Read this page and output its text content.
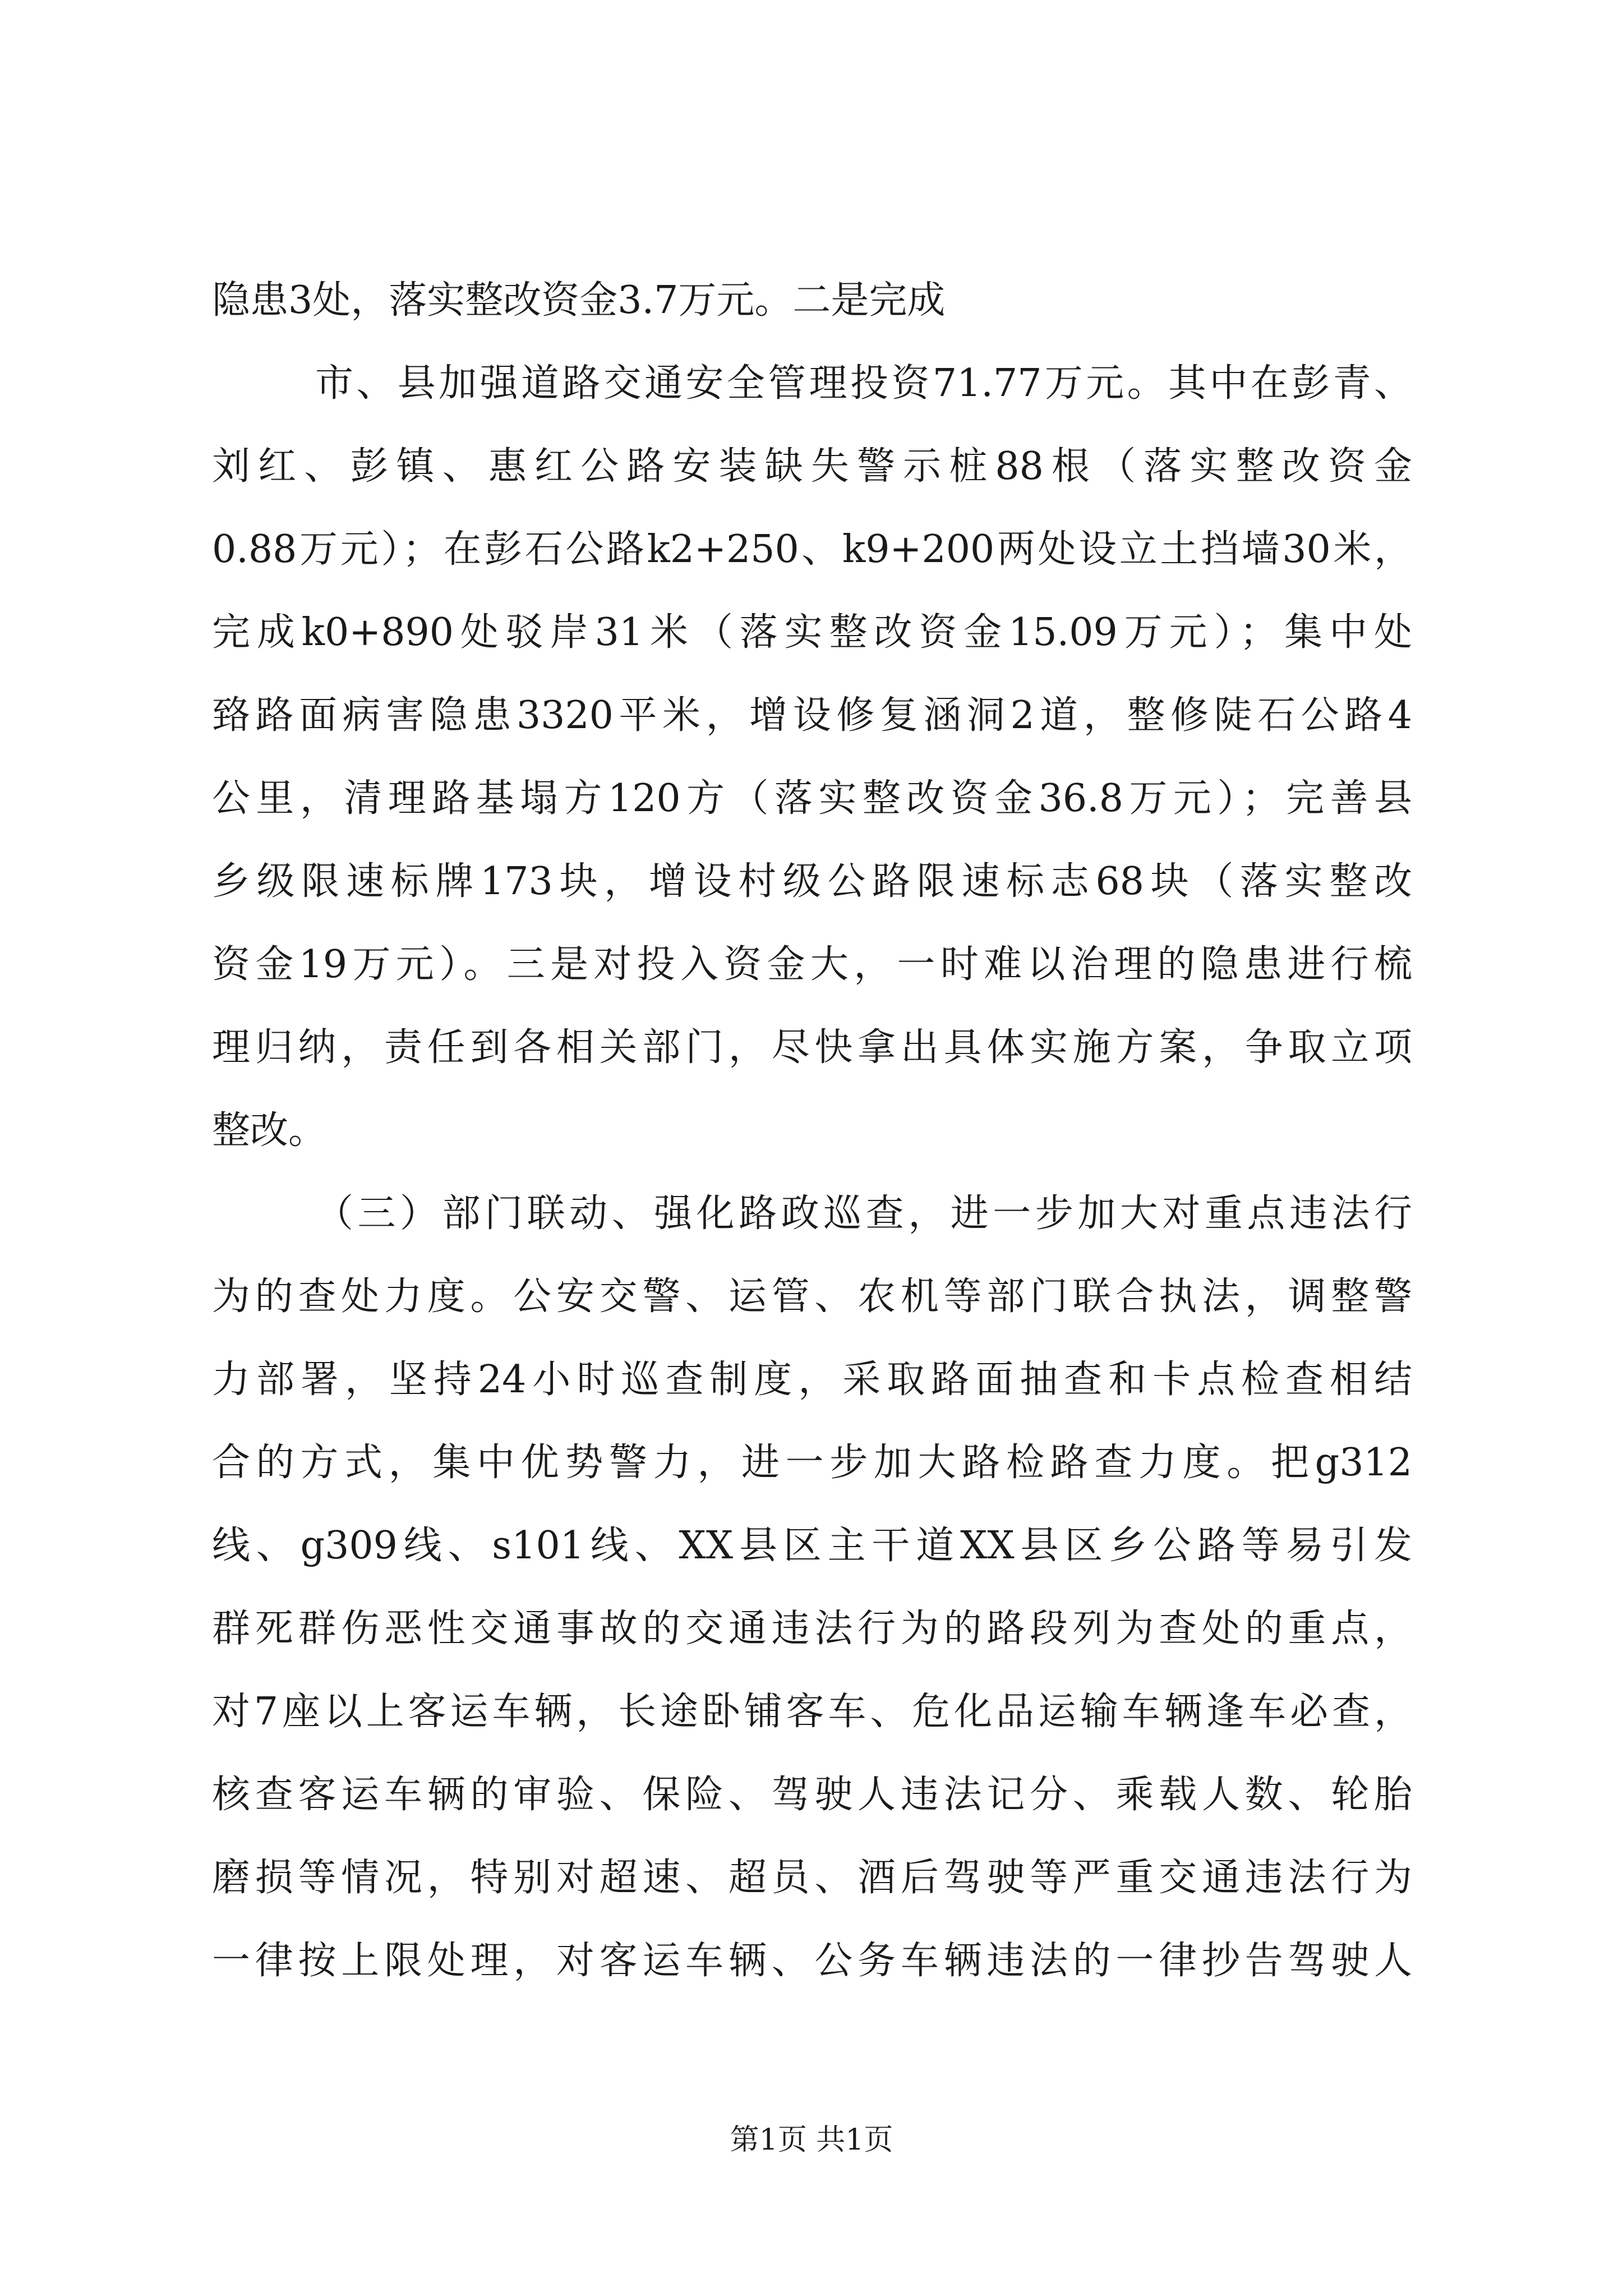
隐患3处，落实整改资金3.7万元。二是完成
市、县加强道路交通安全管理投资71.77万元。其中在彭青、
刘红、彭镇、惠红公路安装缺失警示桩88根（落实整改资金
0.88万元）；在彭石公路k2+250、k9+200两处设立土挡墙30米，
完成k0+890处驳岸31米（落实整改资金15.09万元）；集中处
臵路面病害隐患3320平米，增设修复涵洞2道，整修陡石公路4
公里，清理路基塌方120方（落实整改资金36.8万元）；完善县
乡级限速标牌173块，增设村级公路限速标志68块（落实整改
资金19万元）。三是对投入资金大，一时难以治理的隐患进行梳
理归纳，责任到各相关部门，尽快拿出具体实施方案，争取立项
整改。
（三）部门联动、强化路政巡查，进一步加大对重点违法行
为的查处力度。公安交警、运管、农机等部门联合执法，调整警
力部署，坚持24小时巡查制度，采取路面抽查和卡点检查相结
合的方式，集中优势警力，进一步加大路检路查力度。把g312
线、g309线、s101线、XX县区主干道XX县区乡公路等易引发
群死群伤恶性交通事故的交通违法行为的路段列为查处的重点，
对7座以上客运车辆，长途卧铺客车、危化品运输车辆逢车必查，
核查客运车辆的审验、保险、驾驶人违法记分、乘载人数、轮胎
磨损等情况，特别对超速、超员、酒后驾驶等严重交通违法行为
一律按上限处理，对客运车辆、公务车辆违法的一律抄告驾驶人
第1页 共1页
